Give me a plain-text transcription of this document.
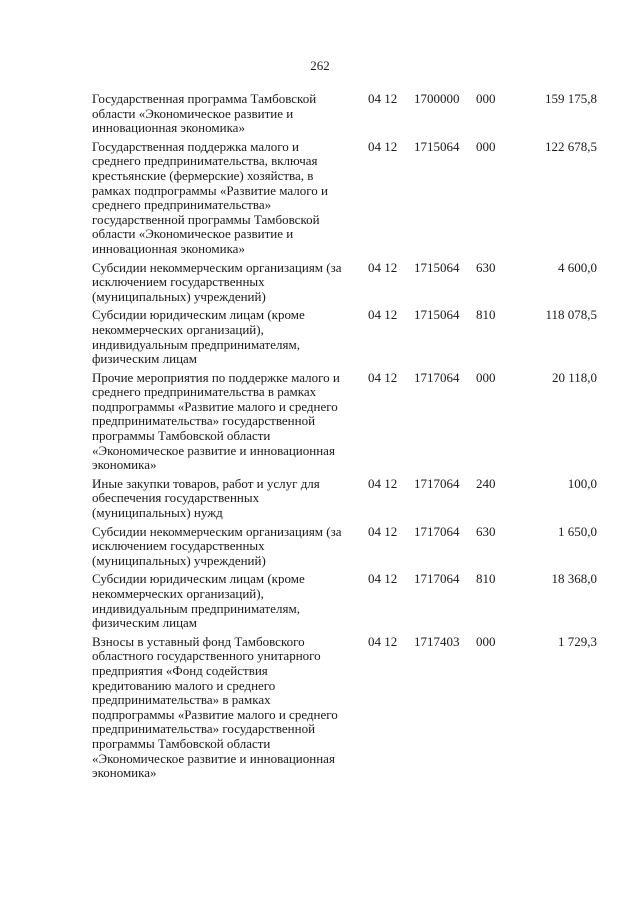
262
Государственная программа Тамбовской области «Экономическое развитие и инновационная экономика»	04 12	1700000	000	159 175,8
Государственная поддержка малого и среднего предпринимательства, включая крестьянские (фермерские) хозяйства, в рамках подпрограммы «Развитие малого и среднего предпринимательства» государственной программы Тамбовской области «Экономическое развитие и инновационная экономика»	04 12	1715064	000	122 678,5
Субсидии некоммерческим организациям (за исключением государственных (муниципальных) учреждений)	04 12	1715064	630	4 600,0
Субсидии юридическим лицам (кроме некоммерческих организаций), индивидуальным предпринимателям, физическим лицам	04 12	1715064	810	118 078,5
Прочие мероприятия по поддержке малого и среднего предпринимательства в рамках подпрограммы «Развитие малого и среднего предпринимательства» государственной программы Тамбовской области «Экономическое развитие и инновационная экономика»	04 12	1717064	000	20 118,0
Иные закупки товаров, работ и услуг для обеспечения государственных (муниципальных) нужд	04 12	1717064	240	100,0
Субсидии некоммерческим организациям (за исключением государственных (муниципальных) учреждений)	04 12	1717064	630	1 650,0
Субсидии юридическим лицам (кроме некоммерческих организаций), индивидуальным предпринимателям, физическим лицам	04 12	1717064	810	18 368,0
Взносы в уставный фонд Тамбовского областного государственного унитарного предприятия «Фонд содействия кредитованию малого и среднего предпринимательства» в рамках подпрограммы «Развитие малого и среднего предпринимательства» государственной программы Тамбовской области «Экономическое развитие и инновационная экономика»	04 12	1717403	000	1 729,3
